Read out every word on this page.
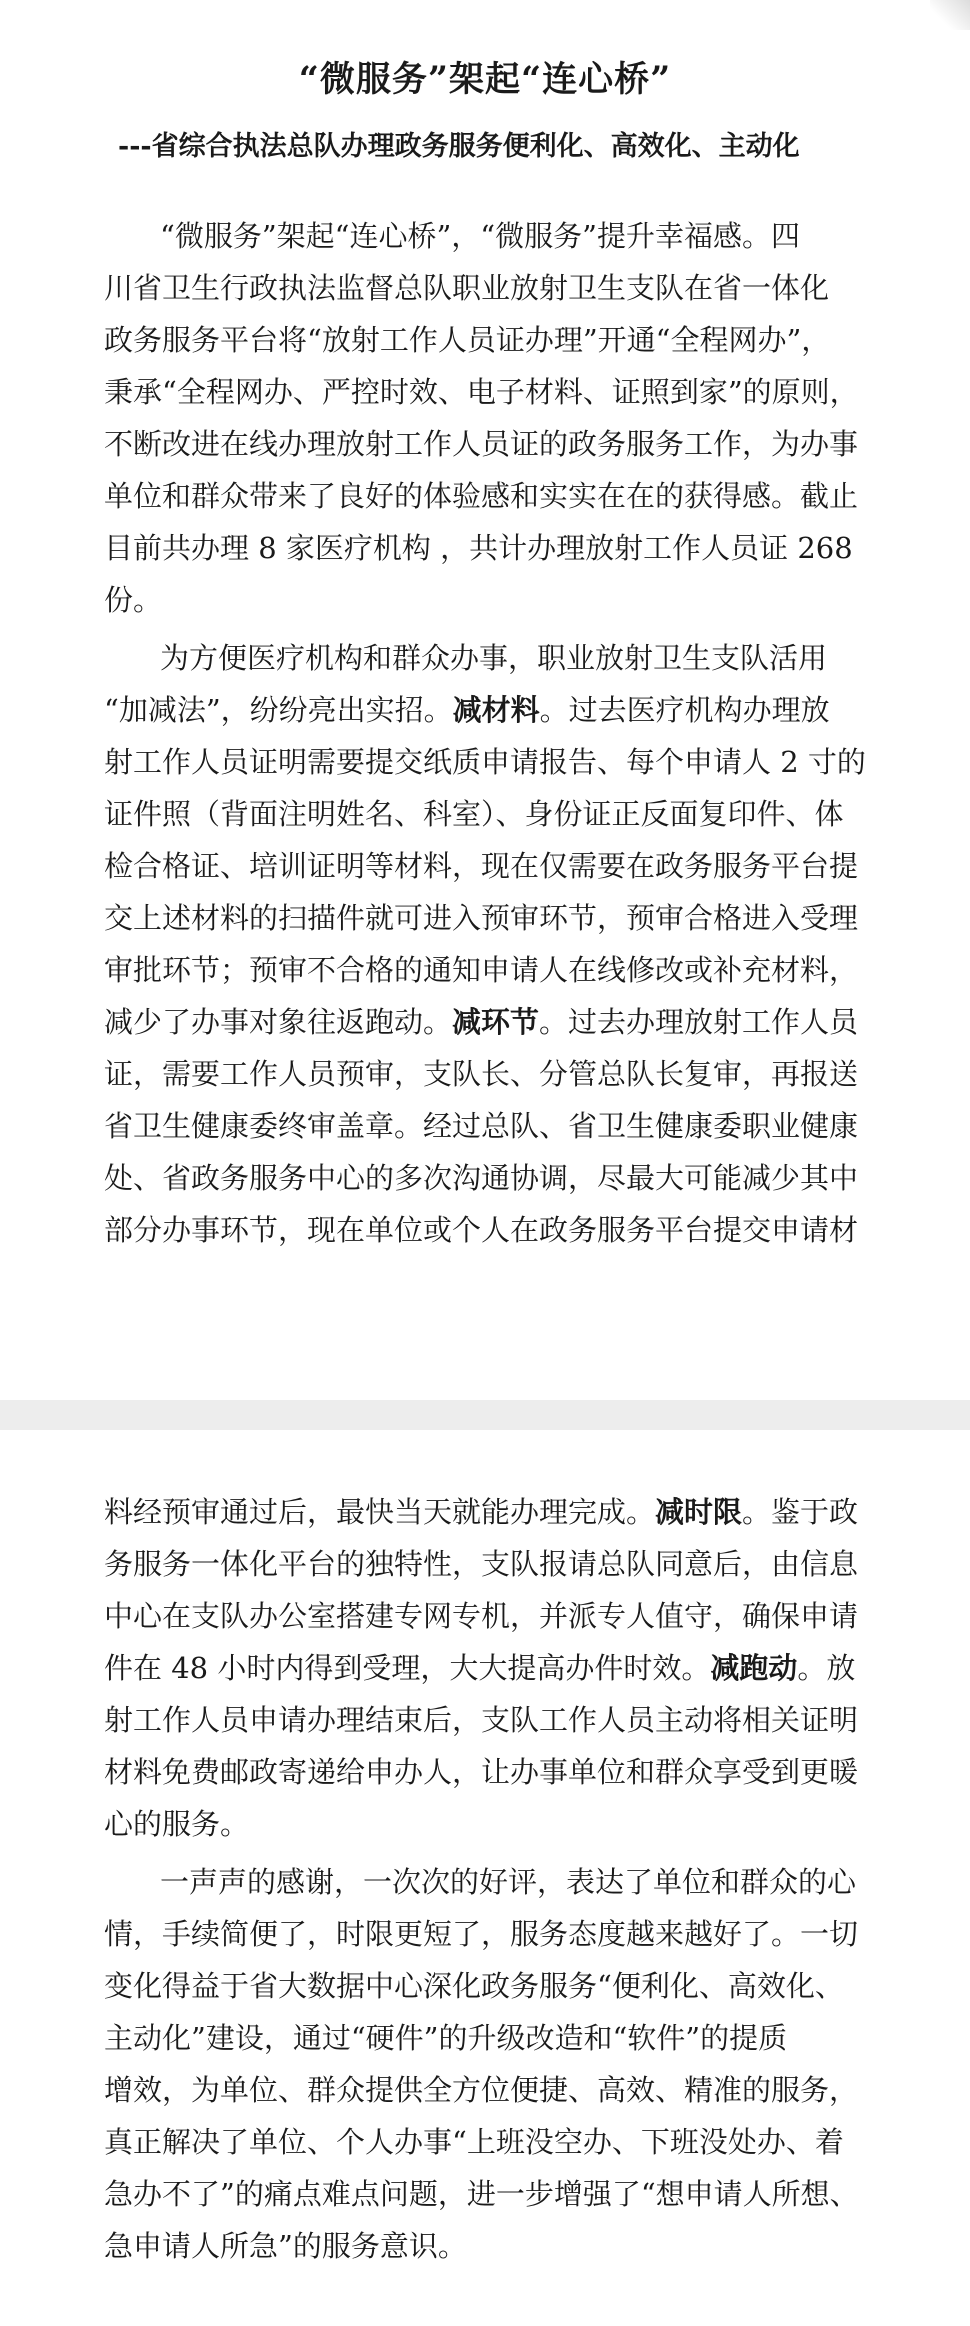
“微服务”架起“连心桥”
---省综合执法总队办理政务服务便利化、高效化、主动化
“微服务”架起“连心桥”，“微服务”提升幸福感。四
川省卫生行政执法监督总队职业放射卫生支队在省一体化
政务服务平台将“放射工作人员证办理”开通“全程网办”，
秉承“全程网办、严控时效、电子材料、证照到家”的原则，
不断改进在线办理放射工作人员证的政务服务工作，为办事
单位和群众带来了良好的体验感和实实在在的获得感。截止
目前共办理 8 家医疗机构 ，共计办理放射工作人员证 268
份。
为方便医疗机构和群众办事，职业放射卫生支队活用
“加减法”，纷纷亮出实招。减材料。过去医疗机构办理放
射工作人员证明需要提交纸质申请报告、每个申请人 2 寸的
证件照（背面注明姓名、科室）、身份证正反面复印件、体
检合格证、培训证明等材料，现在仅需要在政务服务平台提
交上述材料的扫描件就可进入预审环节，预审合格进入受理
审批环节；预审不合格的通知申请人在线修改或补充材料，
减少了办事对象往返跑动。减环节。过去办理放射工作人员
证，需要工作人员预审，支队长、分管总队长复审，再报送
省卫生健康委终审盖章。经过总队、省卫生健康委职业健康
处、省政务服务中心的多次沟通协调，尽最大可能减少其中
部分办事环节，现在单位或个人在政务服务平台提交申请材
料经预审通过后，最快当天就能办理完成。减时限。鉴于政
务服务一体化平台的独特性，支队报请总队同意后，由信息
中心在支队办公室搭建专网专机，并派专人值守，确保申请
件在 48 小时内得到受理，大大提高办件时效。减跑动。放
射工作人员申请办理结束后，支队工作人员主动将相关证明
材料免费邮政寄递给申办人，让办事单位和群众享受到更暖
心的服务。
一声声的感谢，一次次的好评，表达了单位和群众的心
情，手续简便了，时限更短了，服务态度越来越好了。一切
变化得益于省大数据中心深化政务服务“便利化、高效化、
主动化”建设，通过“硬件”的升级改造和“软件”的提质
增效，为单位、群众提供全方位便捷、高效、精准的服务，
真正解决了单位、个人办事“上班没空办、下班没处办、着
急办不了”的痛点难点问题，进一步增强了“想申请人所想、
急申请人所急”的服务意识。
